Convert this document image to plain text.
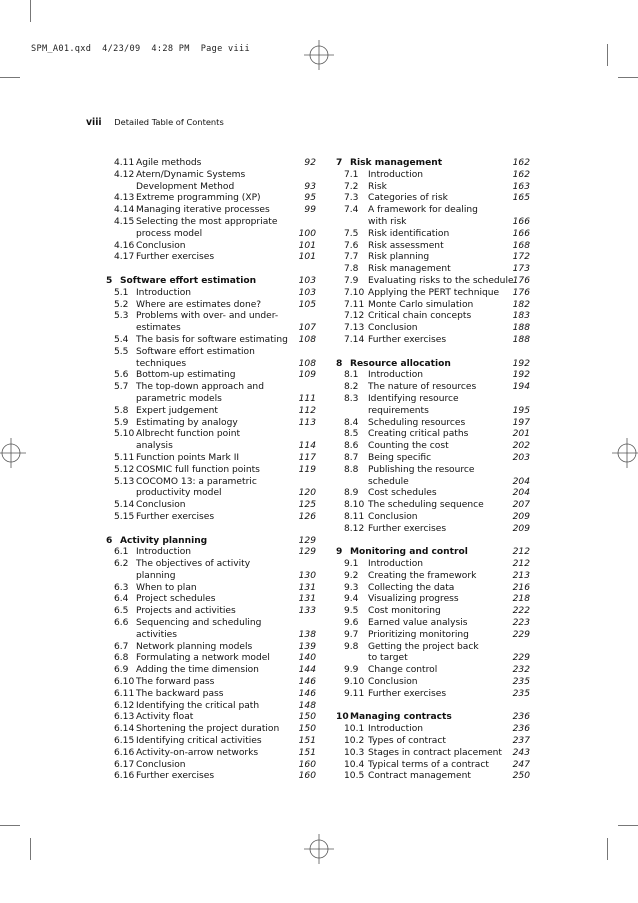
SPM_A01.qxd  4/23/09  4:28 PM  Page viii
viii Detailed Table of Contents
4.11 Agile methods	92
4.12 Atern/Dynamic Systems
Development Method	93
4.13 Extreme programming (XP)	95
4.14 Managing iterative processes	99
4.15 Selecting the most appropriate
process model	100
4.16 Conclusion	101
4.17 Further exercises	101
5 Software effort estimation	103
5.1 Introduction	103
5.2 Where are estimates done?	105
5.3 Problems with over- and under-
estimates	107
5.4 The basis for software estimating 108
5.5 Software effort estimation
techniques	108
5.6 Bottom-up estimating	109
5.7 The top-down approach and
parametric models	111
5.8 Expert judgement	112
5.9 Estimating by analogy	113
5.10 Albrecht function point
analysis	114
5.11 Function points Mark II	117
5.12 COSMIC full function points	119
5.13 COCOMO 13: a parametric
productivity model	120
5.14 Conclusion	125
5.15 Further exercises	126
6 Activity planning	129
6.1 Introduction	129
6.2 The objectives of activity
planning	130
6.3 When to plan	131
6.4 Project schedules	131
6.5 Projects and activities	133
6.6 Sequencing and scheduling
activities	138
6.7 Network planning models	139
6.8 Formulating a network model	140
6.9 Adding the time dimension	144
6.10 The forward pass	146
6.11 The backward pass	146
6.12 Identifying the critical path	148
6.13 Activity float	150
6.14 Shortening the project duration 150
6.15 Identifying critical activities	151
6.16 Activity-on-arrow networks	151
6.17 Conclusion	160
6.16 Further exercises	160
7 Risk management	162
7.1 Introduction	162
7.2 Risk	163
7.3 Categories of risk	165
7.4 A framework for dealing
with risk	166
7.5 Risk identification	166
7.6 Risk assessment	168
7.7 Risk planning	172
7.8 Risk management	173
7.9 Evaluating risks to the schedule 176
7.10 Applying the PERT technique 176
7.11 Monte Carlo simulation	182
7.12 Critical chain concepts	183
7.13 Conclusion	188
7.14 Further exercises	188
8 Resource allocation	192
8.1 Introduction	192
8.2 The nature of resources	194
8.3 Identifying resource
requirements	195
8.4 Scheduling resources	197
8.5 Creating critical paths	201
8.6 Counting the cost	202
8.7 Being specific	203
8.8 Publishing the resource
schedule	204
8.9 Cost schedules	204
8.10 The scheduling sequence	207
8.11 Conclusion	209
8.12 Further exercises	209
9 Monitoring and control	212
9.1 Introduction	212
9.2 Creating the framework	213
9.3 Collecting the data	216
9.4 Visualizing progress	218
9.5 Cost monitoring	222
9.6 Earned value analysis	223
9.7 Prioritizing monitoring	229
9.8 Getting the project back
to target	229
9.9 Change control	232
9.10 Conclusion	235
9.11 Further exercises	235
10 Managing contracts	236
10.1 Introduction	236
10.2 Types of contract	237
10.3 Stages in contract placement 243
10.4 Typical terms of a contract	247
10.5 Contract management	250
